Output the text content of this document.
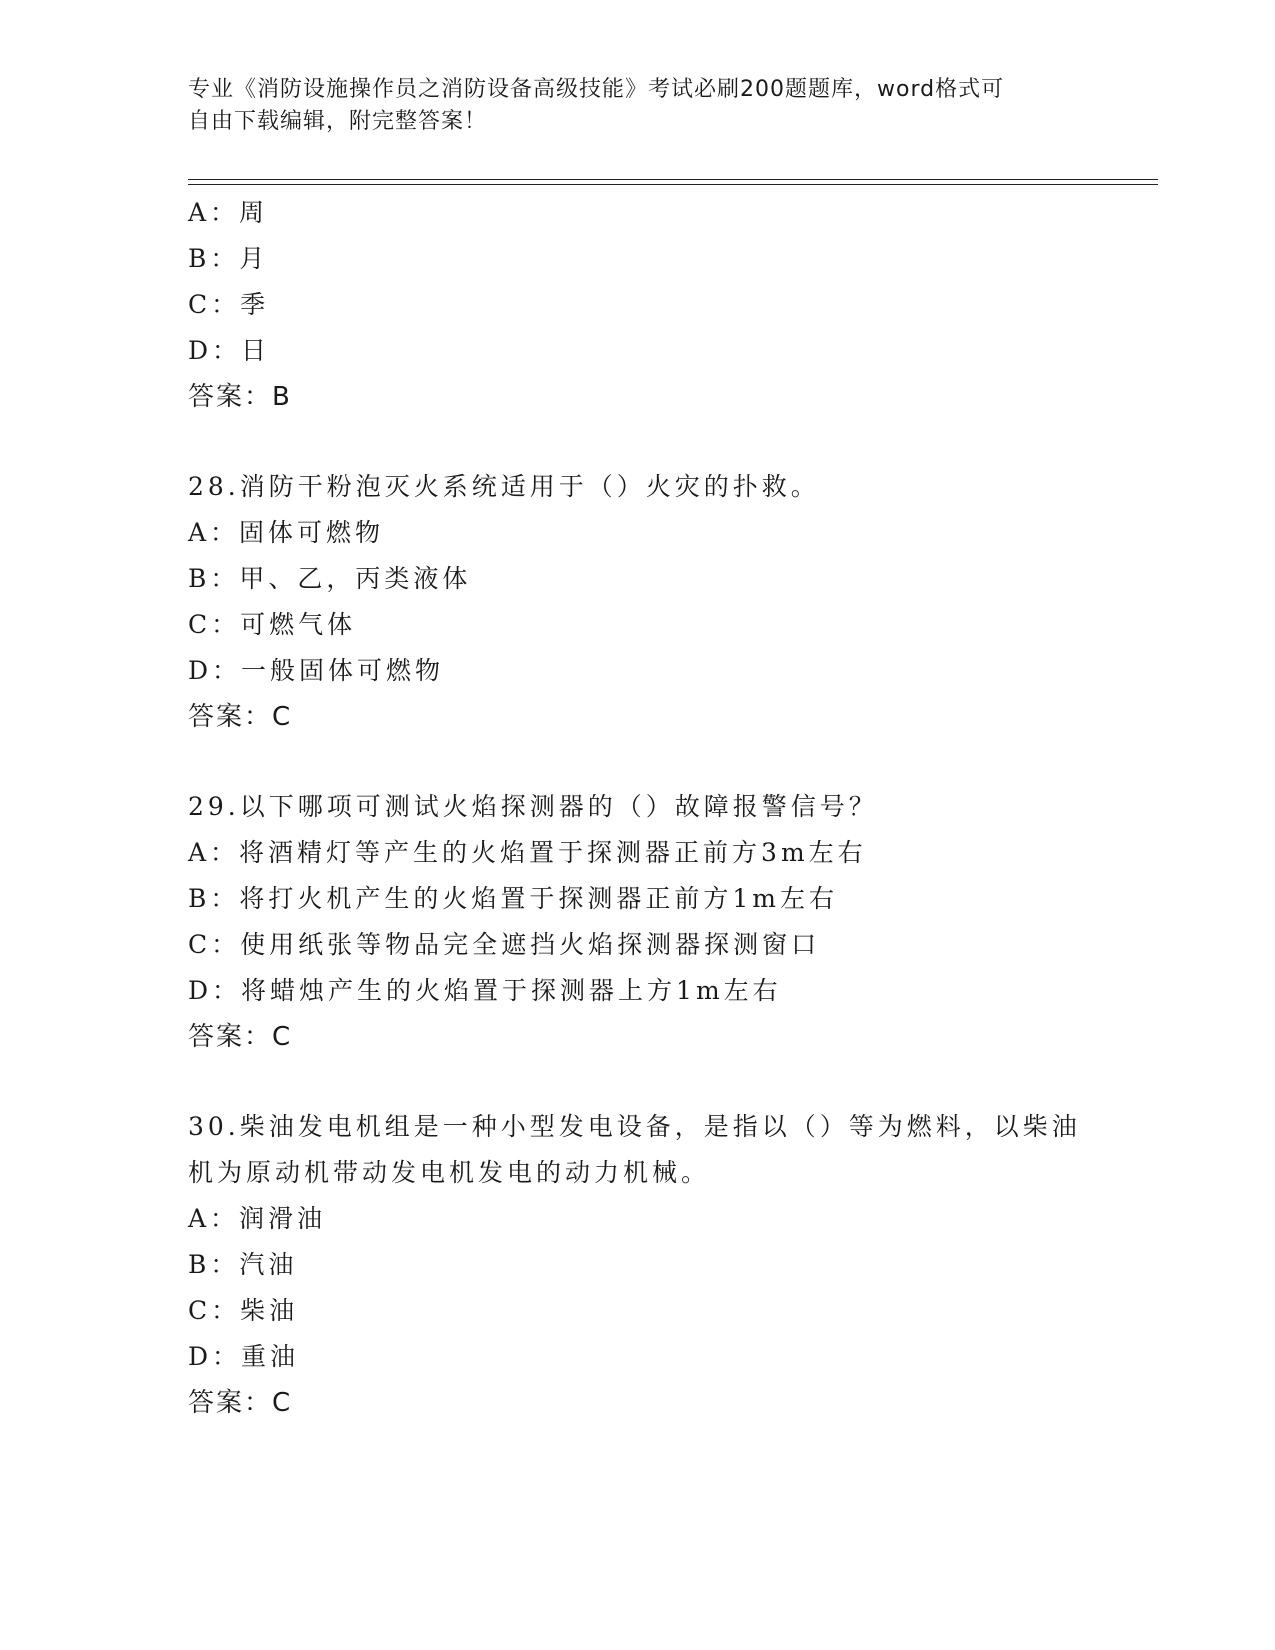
专业《消防设施操作员之消防设备高级技能》考试必刷200题题库，word格式可
自由下载编辑，附完整答案！
A：周
B：月
C：季
D：日
答案：B
28.消防干粉泡灭火系统适用于（）火灾的扑救。
A：固体可燃物
B：甲、乙，丙类液体
C：可燃气体
D：一般固体可燃物
答案：C
29.以下哪项可测试火焰探测器的（）故障报警信号？
A：将酒精灯等产生的火焰置于探测器正前方3m左右
B：将打火机产生的火焰置于探测器正前方1m左右
C：使用纸张等物品完全遮挡火焰探测器探测窗口
D：将蜡烛产生的火焰置于探测器上方1m左右
答案：C
30.柴油发电机组是一种小型发电设备，是指以（）等为燃料，以柴油
机为原动机带动发电机发电的动力机械。
A：润滑油
B：汽油
C：柴油
D：重油
答案：C
